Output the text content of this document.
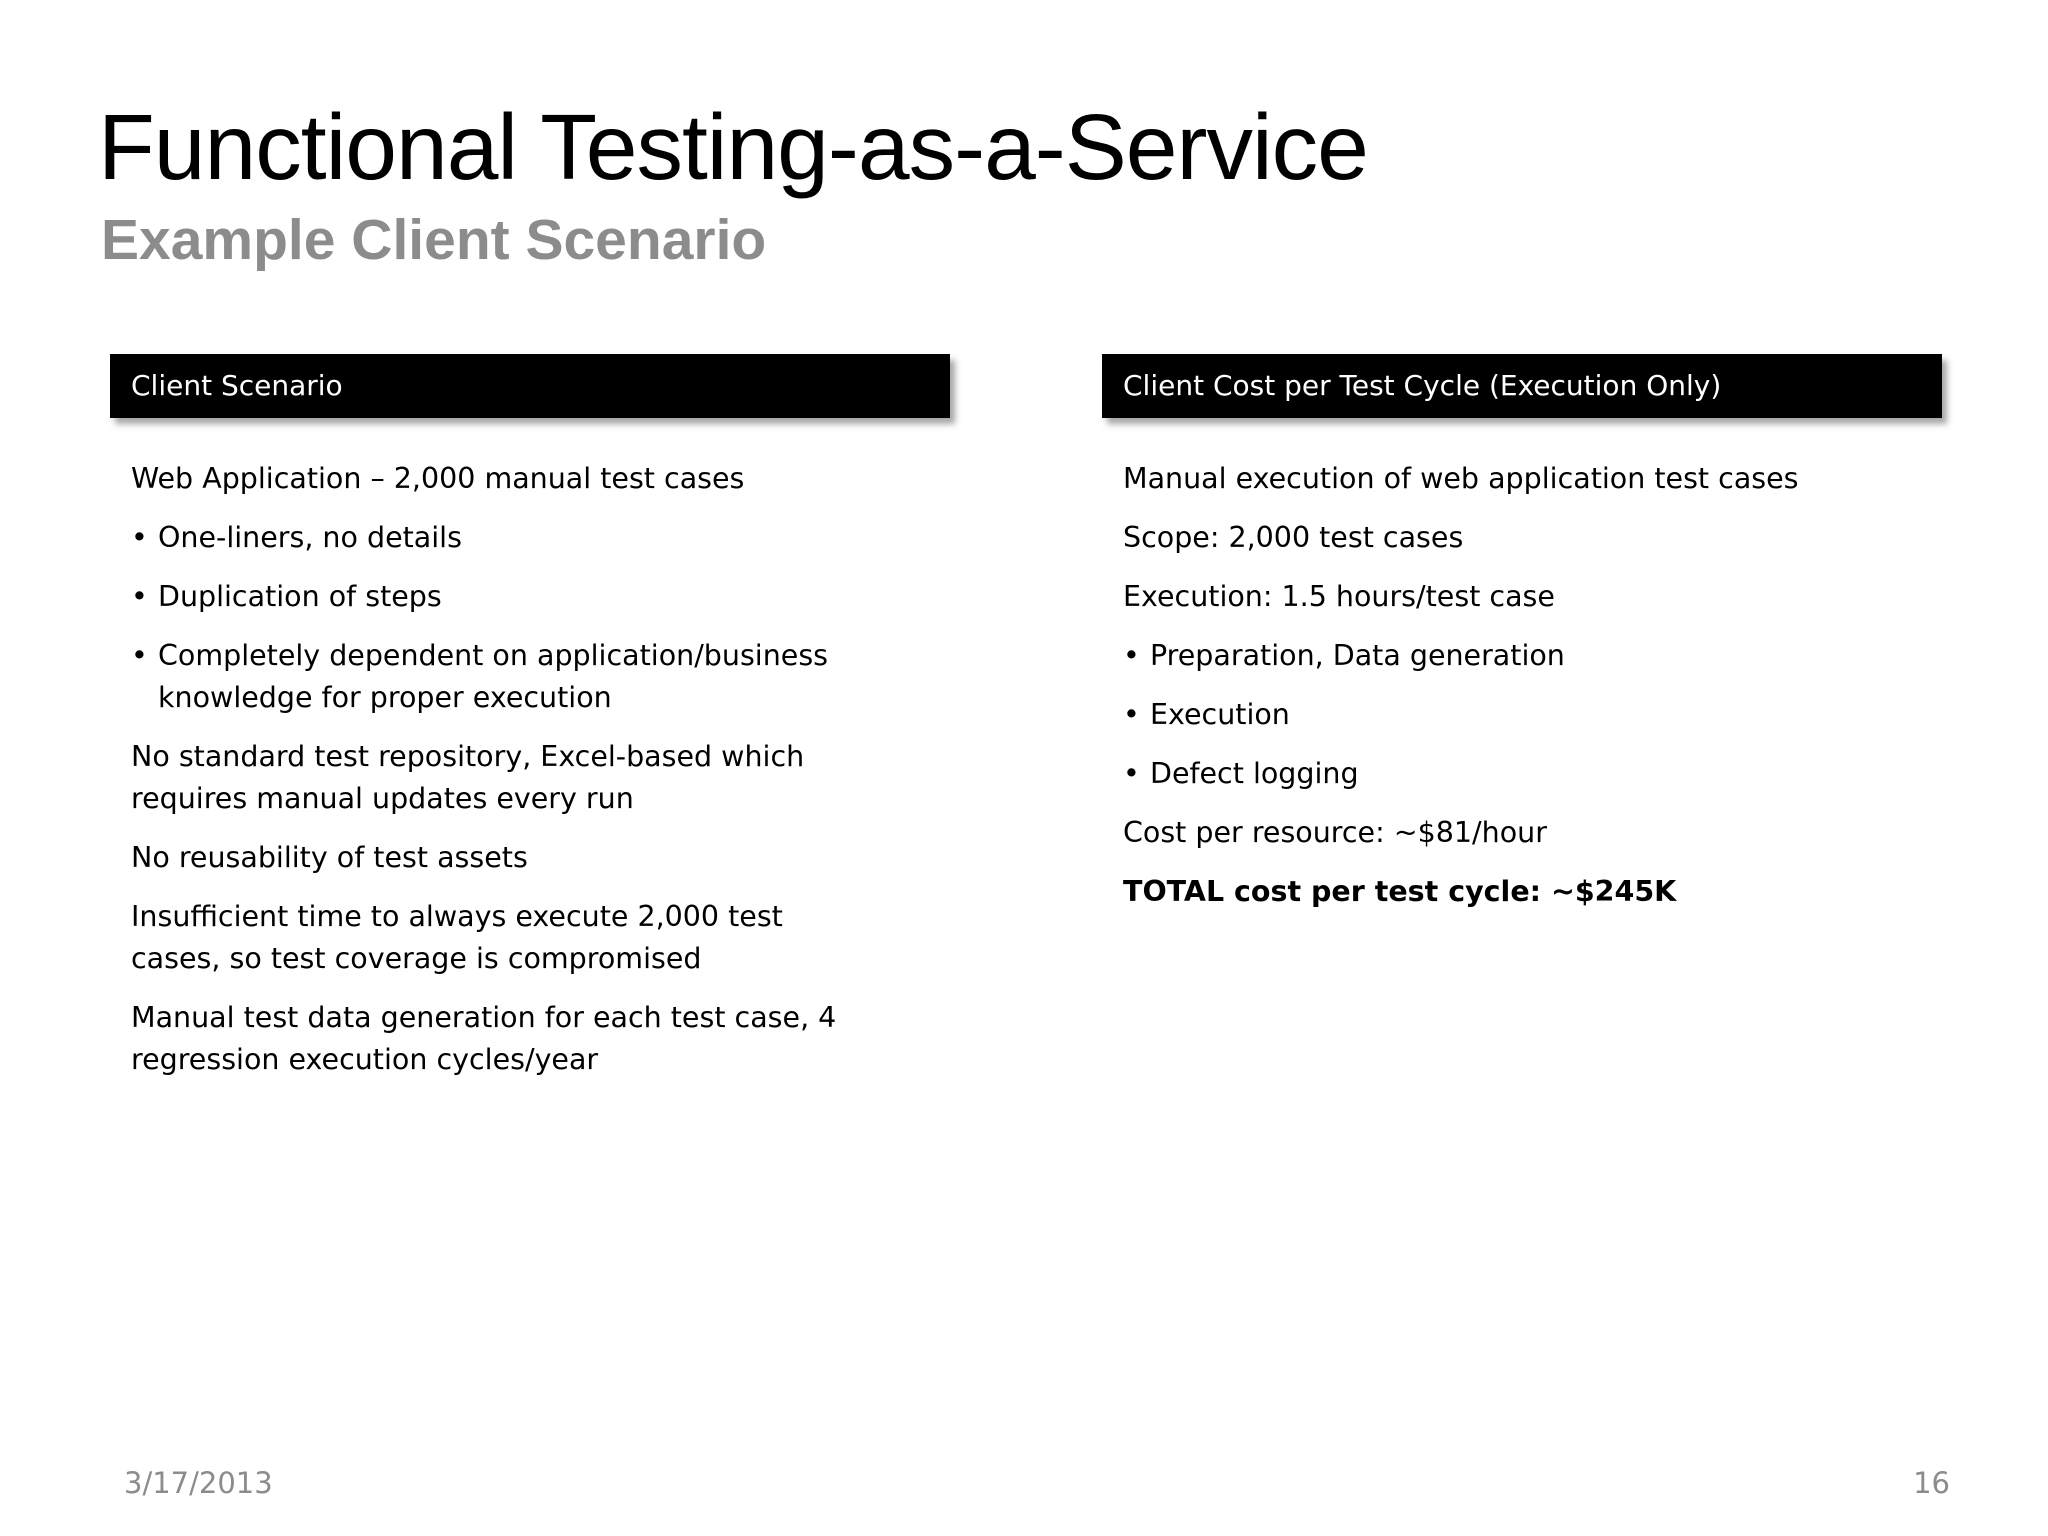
Functional Testing-as-a-Service
Example Client Scenario
Client Scenario
Web Application – 2,000 manual test cases
• One-liners, no details
• Duplication of steps
• Completely dependent on application/business knowledge for proper execution
No standard test repository, Excel-based which requires manual updates every run
No reusability of test assets
Insufficient time to always execute 2,000 test cases, so test coverage is compromised
Manual test data generation for each test case, 4 regression execution cycles/year
Client Cost per Test Cycle (Execution Only)
Manual execution of web application test cases
Scope: 2,000 test cases
Execution: 1.5 hours/test case
• Preparation, Data generation
• Execution
• Defect logging
Cost per resource: ~$81/hour
TOTAL cost per test cycle: ~$245K
3/17/2013	16
